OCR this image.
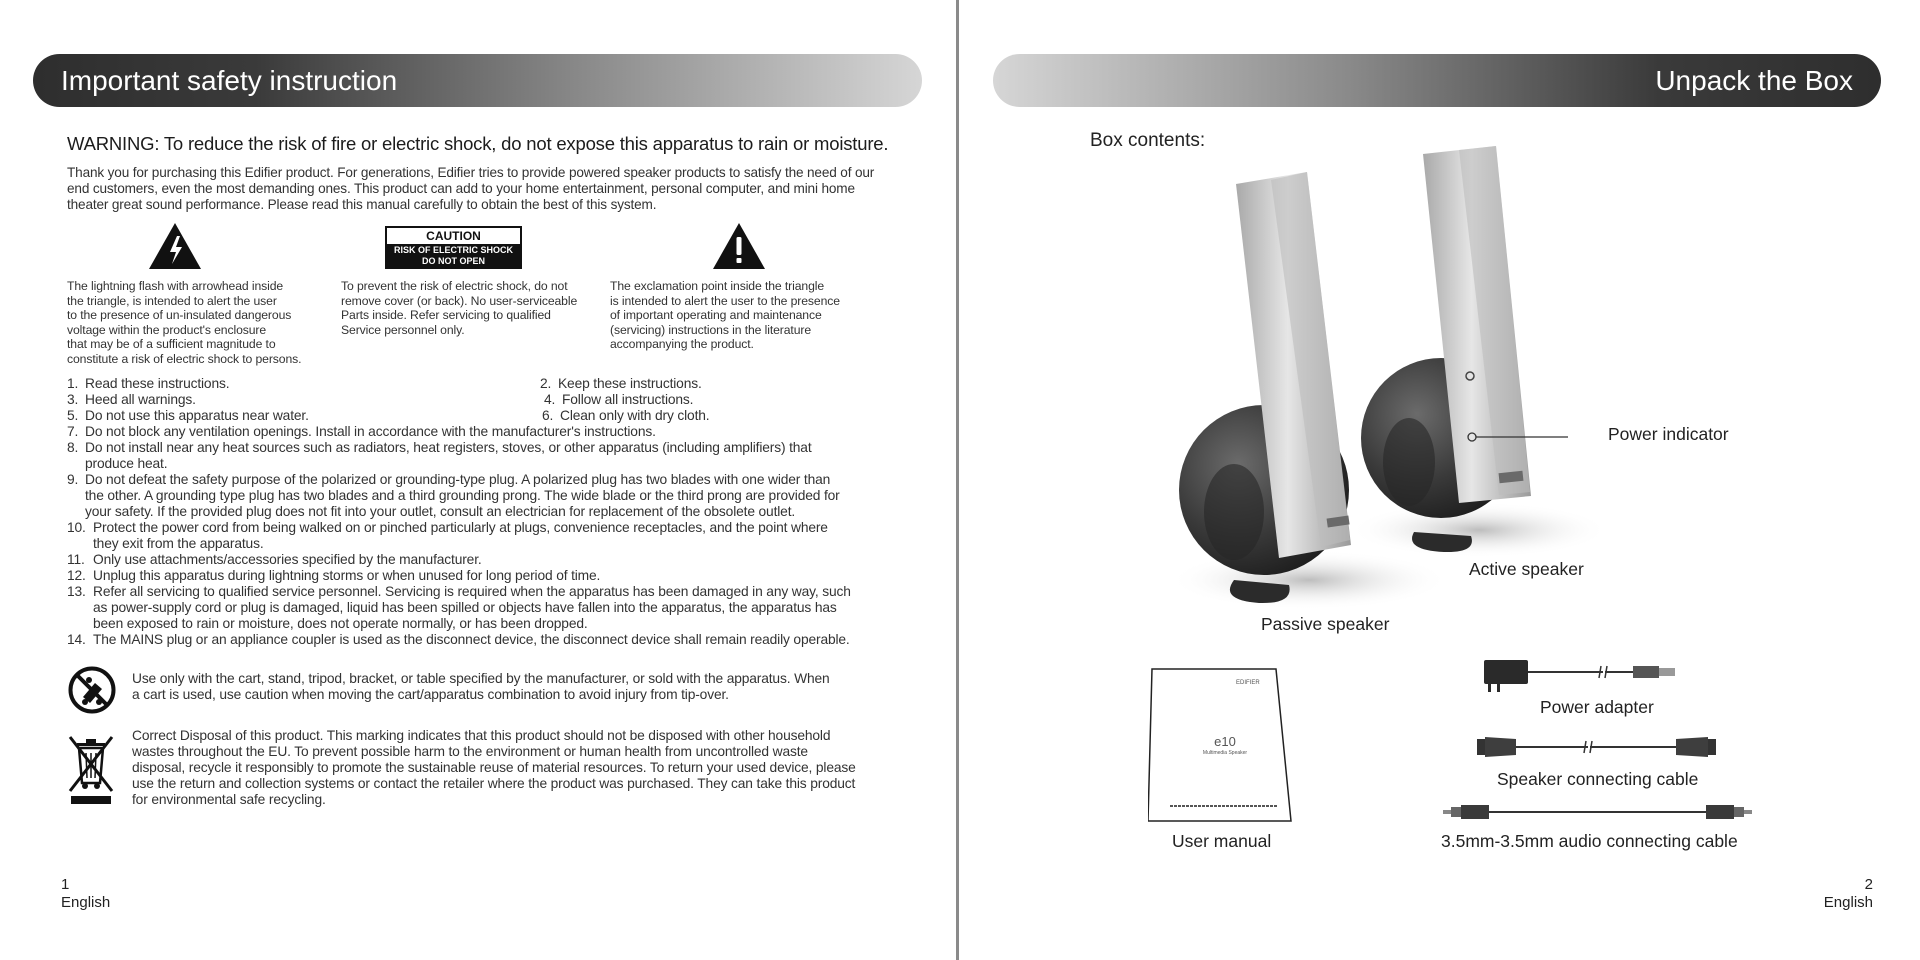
Important safety instruction
WARNING: To reduce the risk of fire or electric shock, do not expose this apparatus to rain or moisture.
Thank you for purchasing this Edifier product. For generations, Edifier tries to provide powered speaker products to satisfy the need of our end customers, even the most demanding ones. This product can add to your home entertainment, personal computer, and mini home theater great sound performance. Please read this manual carefully to obtain the best of this system.
CAUTION
RISK OF ELECTRIC SHOCK
DO NOT OPEN
The lightning flash with arrowhead inside
the triangle, is intended to alert the user
to the presence of un-insulated dangerous
voltage within the product's enclosure
that may be of a sufficient magnitude to
constitute a risk of electric shock to persons.
To prevent the risk of electric shock, do not
remove cover (or back). No user-serviceable
Parts inside. Refer servicing to qualified
Service personnel only.
The exclamation point inside the triangle
is intended to alert the user to the presence
of important operating and maintenance
(servicing) instructions in the literature
accompanying the product.
1. Read these instructions.	2. Keep these instructions.
3. Heed all warnings.	4. Follow all instructions.
5. Do not use this apparatus near water.	6. Clean only with dry cloth.
7. Do not block any ventilation openings. Install in accordance with the manufacturer's instructions.
8. Do not install near any heat sources such as radiators, heat registers, stoves, or other apparatus (including amplifiers) that
produce heat.
9. Do not defeat the safety purpose of the polarized or grounding-type plug. A polarized plug has two blades with one wider than
the other. A grounding type plug has two blades and a third grounding prong. The wide blade or the third prong are provided for
your safety. If the provided plug does not fit into your outlet, consult an electrician for replacement of the obsolete outlet.
10. Protect the power cord from being walked on or pinched particularly at plugs, convenience receptacles, and the point where
they exit from the apparatus.
11. Only use attachments/accessories specified by the manufacturer.
12. Unplug this apparatus during lightning storms or when unused for long period of time.
13. Refer all servicing to qualified service personnel. Servicing is required when the apparatus has been damaged in any way, such
as power-supply cord or plug is damaged, liquid has been spilled or objects have fallen into the apparatus, the apparatus has
been exposed to rain or moisture, does not operate normally, or has been dropped.
14. The MAINS plug or an appliance coupler is used as the disconnect device, the disconnect device shall remain readily operable.
Use only with the cart, stand, tripod, bracket, or table specified by the manufacturer, or sold with the apparatus. When
a cart is used, use caution when moving the cart/apparatus combination to avoid injury from tip-over.
Correct Disposal of this product. This marking indicates that this product should not be disposed with other household
wastes throughout the EU. To prevent possible harm to the environment or human health from uncontrolled waste
disposal, recycle it responsibly to promote the sustainable reuse of material resources. To return your used device, please
use the return and collection systems or contact the retailer where the product was purchased. They can take this product
for environmental safe recycling.
1
English
Unpack the Box
Box contents:
Power indicator
Active speaker
Passive speaker
EDIFIER
e10
Multimedia Speaker
User manual
Power adapter
Speaker connecting cable
3.5mm-3.5mm audio connecting cable
2
English
